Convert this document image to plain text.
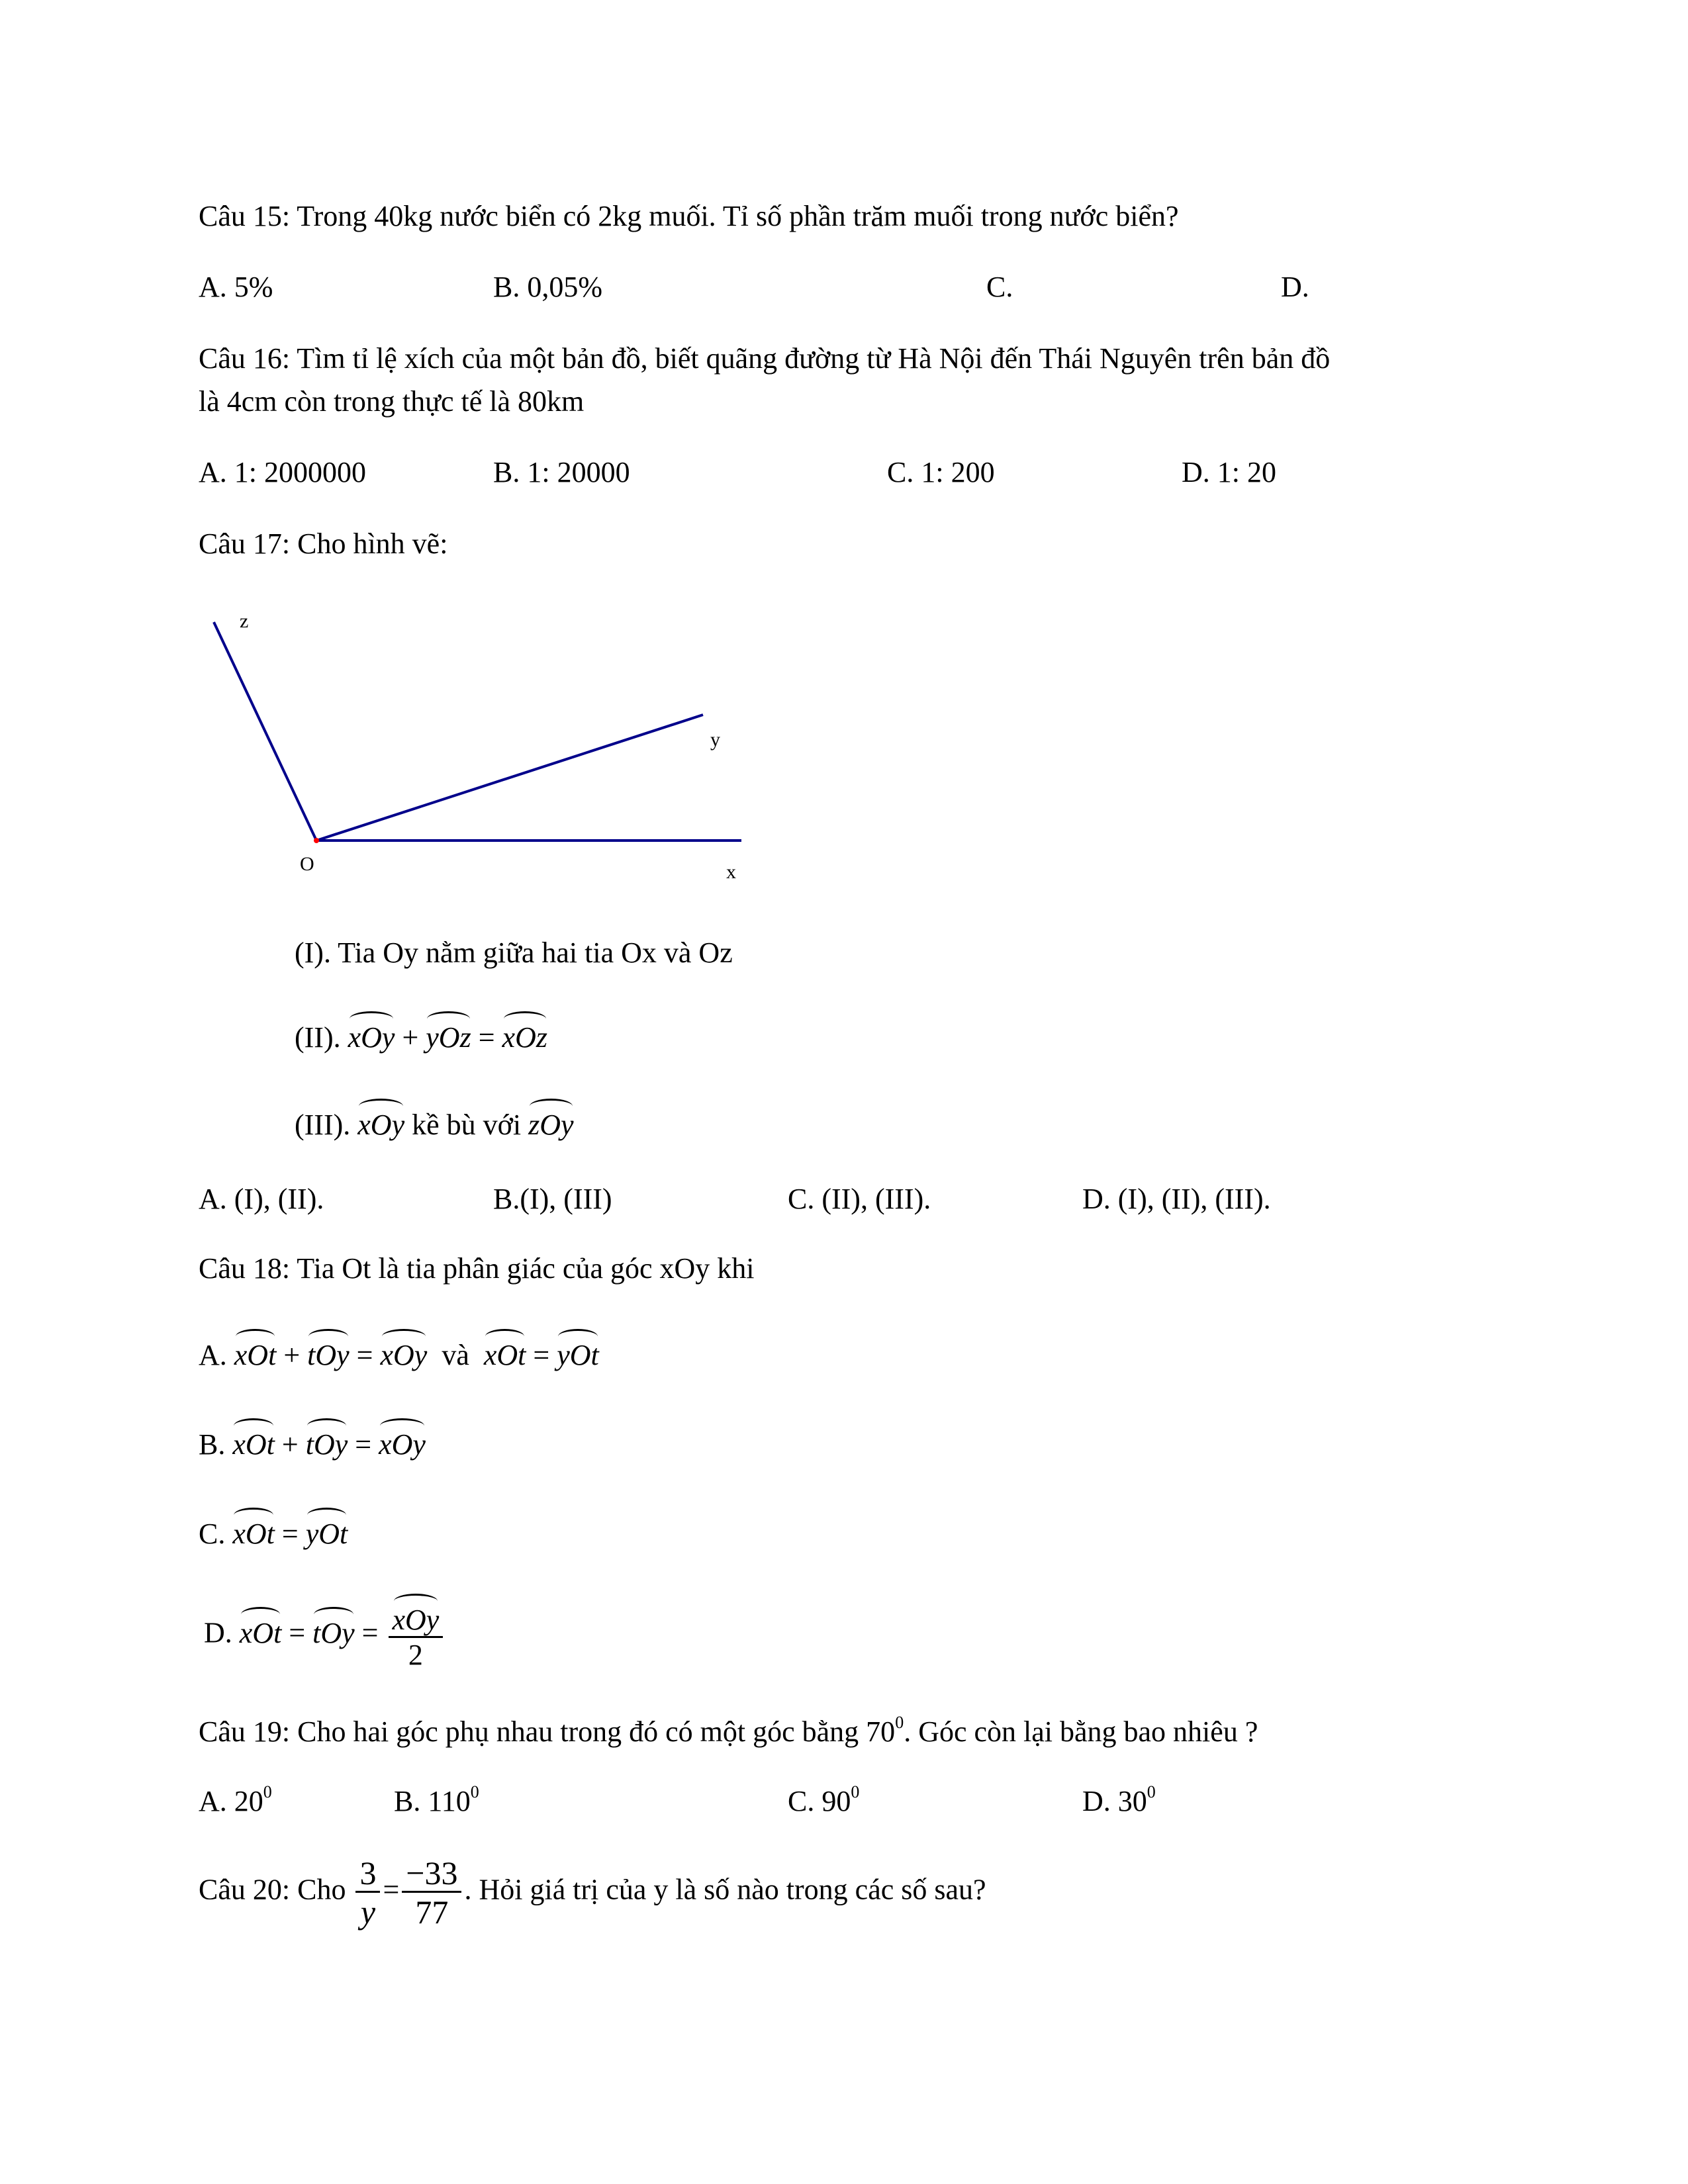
Câu 15: Trong 40kg nước biển có 2kg muối. Tỉ số phần trăm muối trong nước biển?
A. 5%	B. 0,05%	C.	D.
Câu 16: Tìm tỉ lệ xích của một bản đồ, biết quãng đường từ Hà Nội đến Thái Nguyên trên bản đồ
là 4cm còn trong thực tế là 80km
A. 1: 2000000	B. 1: 20000	C. 1: 200	D. 1: 20
Câu 17: Cho hình vẽ:
z
y
O	x
(I). Tia Oy nằm giữa hai tia Ox và Oz
(II). xOy + yOz = xOz
(III). xOy kề bù với zOy
A. (I), (II).	B.(I), (III)	C. (II), (III).	D. (I), (II), (III).
Câu 18: Tia Ot là tia phân giác của góc xOy khi
A. xOt + tOy = xOy và xOt = yOt
B. xOt + tOy = xOy
C. xOt = yOt
D. xOt = tOy = $\frac{\text{xOy}}{2}$
Câu 19: Cho hai góc phụ nhau trong đó có một góc bằng $70^0$. Góc còn lại bằng bao nhiêu ?
A. $20^0$	B. $110^0$	C. $90^0$	D. $30^0$
Câu 20: Cho $\frac{3}{y} = \frac{-33}{77}$ . Hỏi giá trị của y là số nào trong các số sau?
